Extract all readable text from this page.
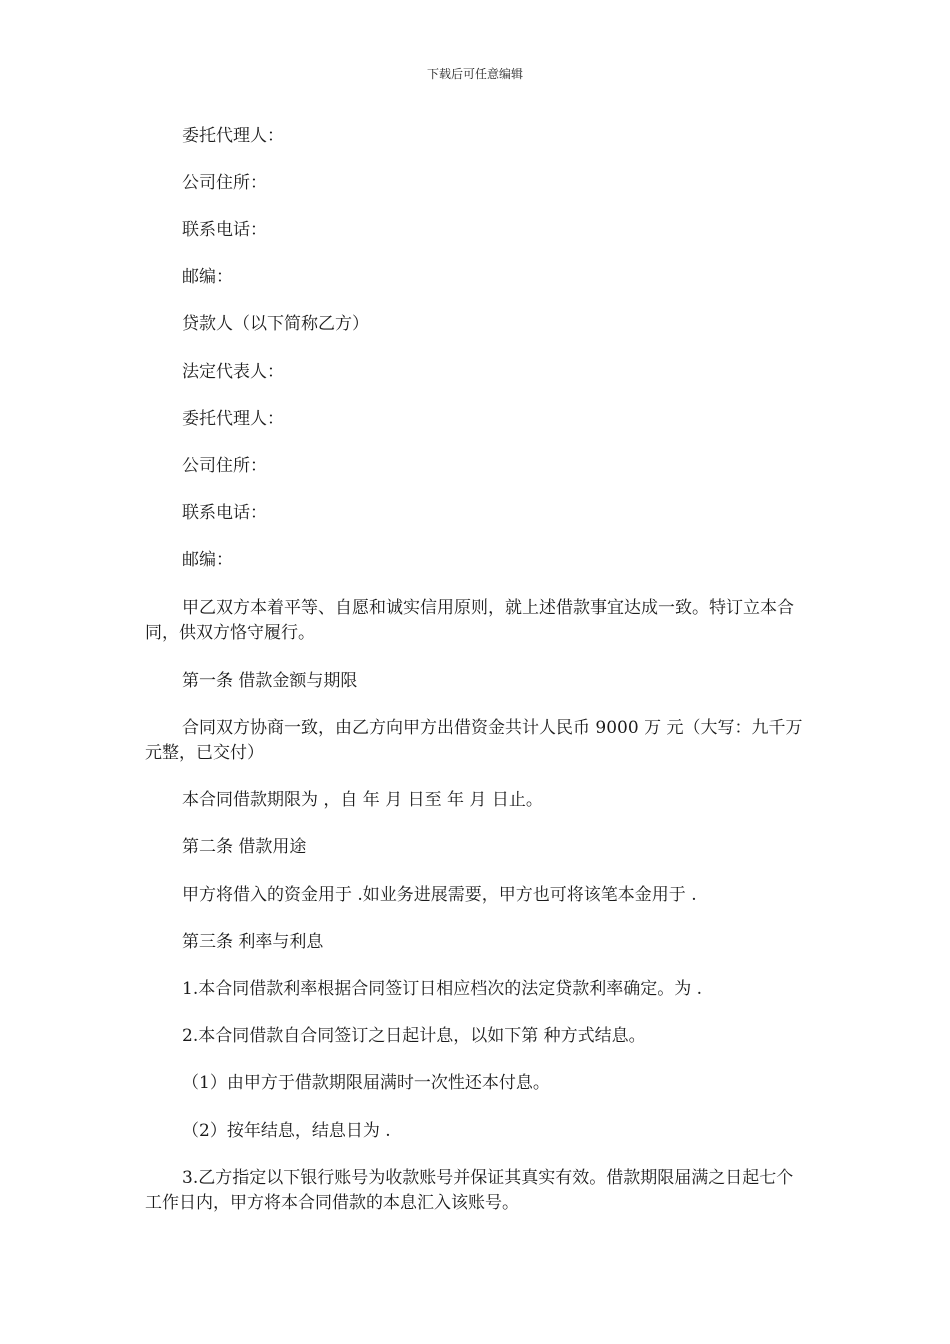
下载后可任意编辑

委托代理人：

公司住所：

联系电话：

邮编：

贷款人（以下简称乙方）

法定代表人：

委托代理人：

公司住所：

联系电话：

邮编：

甲乙双方本着平等、自愿和诚实信用原则，就上述借款事宜达成一致。特订立本合同，供双方恪守履行。

第一条 借款金额与期限

合同双方协商一致，由乙方向甲方出借资金共计人民币 9000 万 元（大写：九千万元整，已交付）

本合同借款期限为 ，自 年 月 日至 年 月 日止。

第二条 借款用途

甲方将借入的资金用于 .如业务进展需要，甲方也可将该笔本金用于 .

第三条 利率与利息

1.本合同借款利率根据合同签订日相应档次的法定贷款利率确定。为 .

2.本合同借款自合同签订之日起计息，以如下第 种方式结息。

（1）由甲方于借款期限届满时一次性还本付息。

（2）按年结息，结息日为 .

3.乙方指定以下银行账号为收款账号并保证其真实有效。借款期限届满之日起七个工作日内，甲方将本合同借款的本息汇入该账号。
